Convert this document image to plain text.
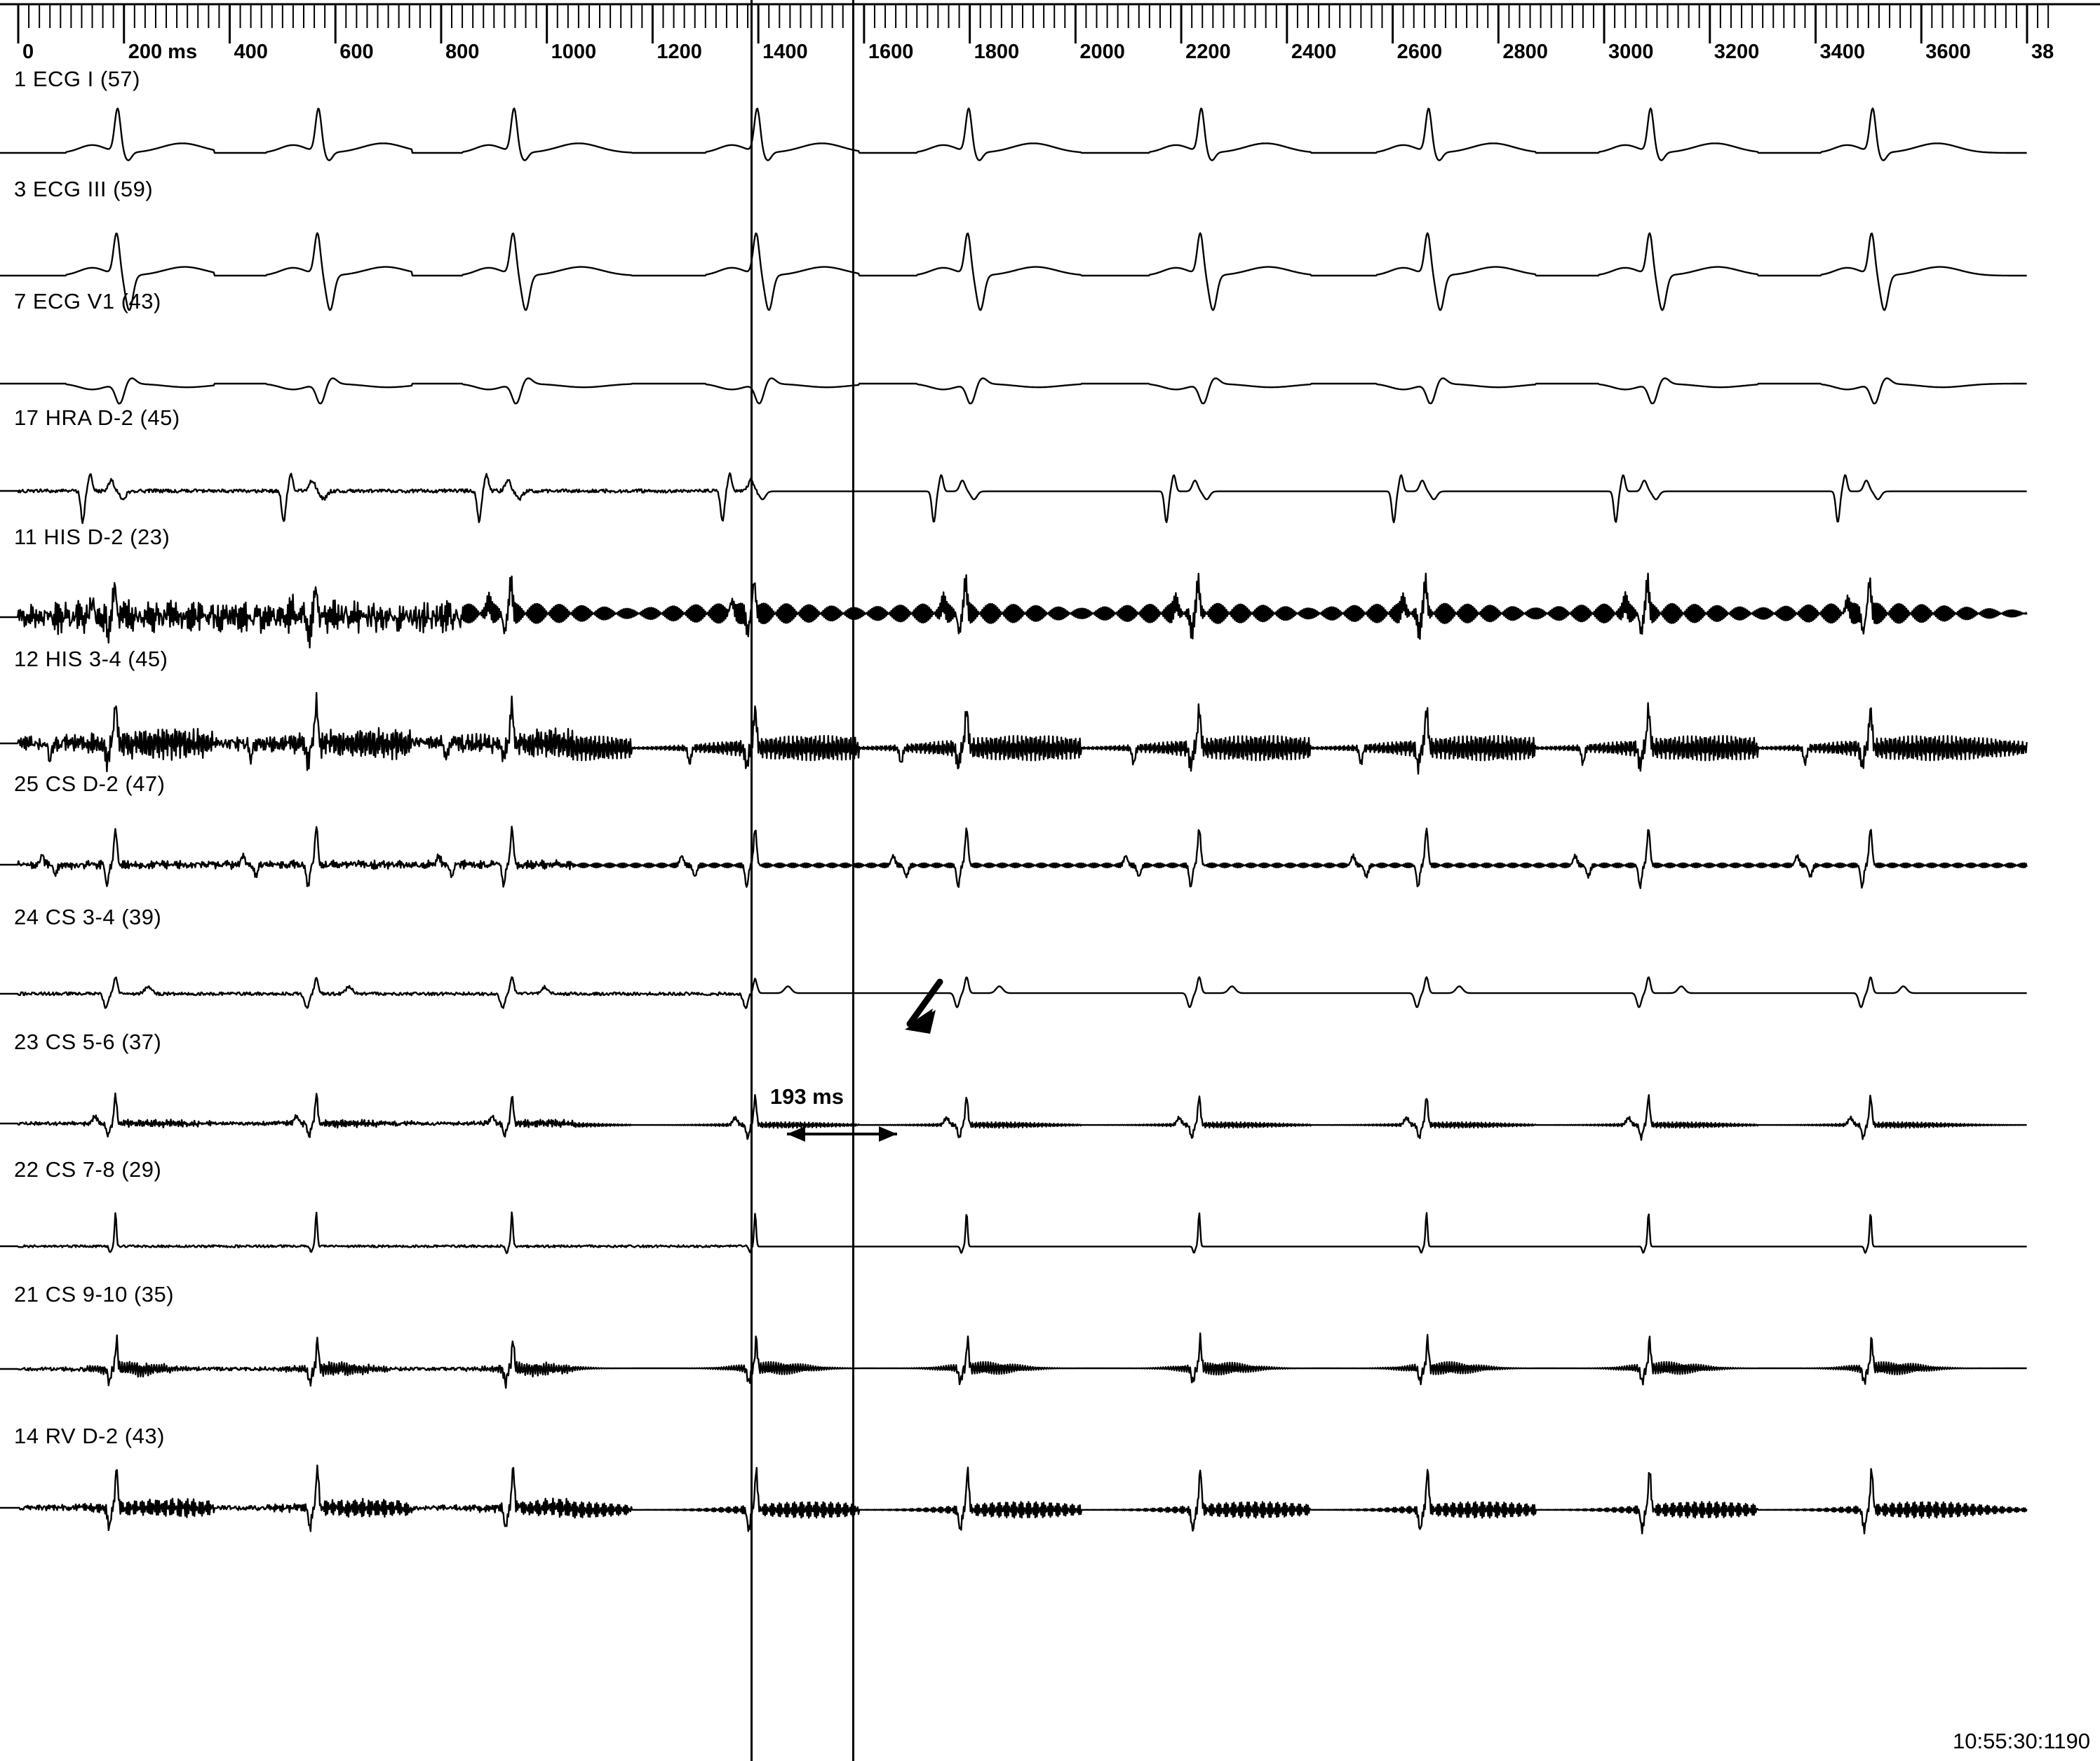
0	200 ms 400	600	800	1000	1200	1400	1600	1800	2000	2200	2400	2600	2800	3000	3200	3400	3600	38
1 ECG I (57)
3 ECG III (59)
7 ECG V1 (43)
17 HRA D-2 (45)
11 HIS D-2 (23)
12 HIS 3-4 (45)
25 CS D-2 (47)
24 CS 3-4 (39)
23 CS 5-6 (37)
22 CS 7-8 (29)
21 CS 9-10 (35)
14 RV D-2 (43)
193 ms
10:55:30:1190
